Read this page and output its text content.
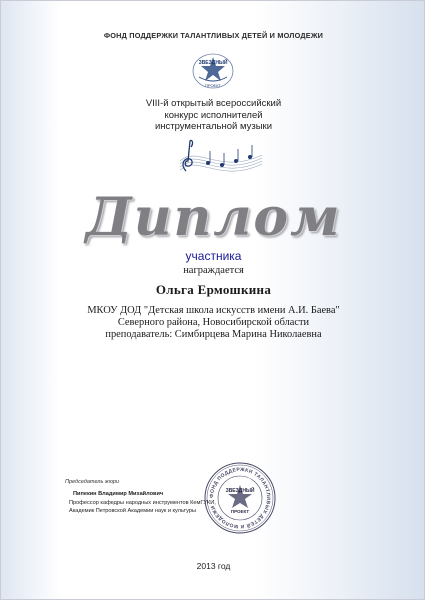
ФОНД ПОДДЕРЖКИ ТАЛАНТЛИВЫХ ДЕТЕЙ И МОЛОДЕЖИ
ЗВЕЗДНЫЙ
ПРОЕКТ
VIII-й открытый всероссийский
конкурс исполнителей
инструментальной музыки
Диплом
участника
награждается
Ольга Ермошкина
МКОУ ДОД "Детская школа искусств имени А.И. Баева"
Северного района, Новосибирской области
преподаватель: Симбирцева Марина Николаевна
Председатель жюри
Пипекин Владимир Михайлович
Профессор кафедры народных инструментов КемГУКИ,
Академик Петровской Академии наук и культуры
ФОНД ПОДДЕРЖКИ ТАЛАНТЛИВЫХ ДЕТЕЙ И МОЛОДЕЖИ
ЗВЕЗДНЫЙ
ПРОЕКТ
2013 год
